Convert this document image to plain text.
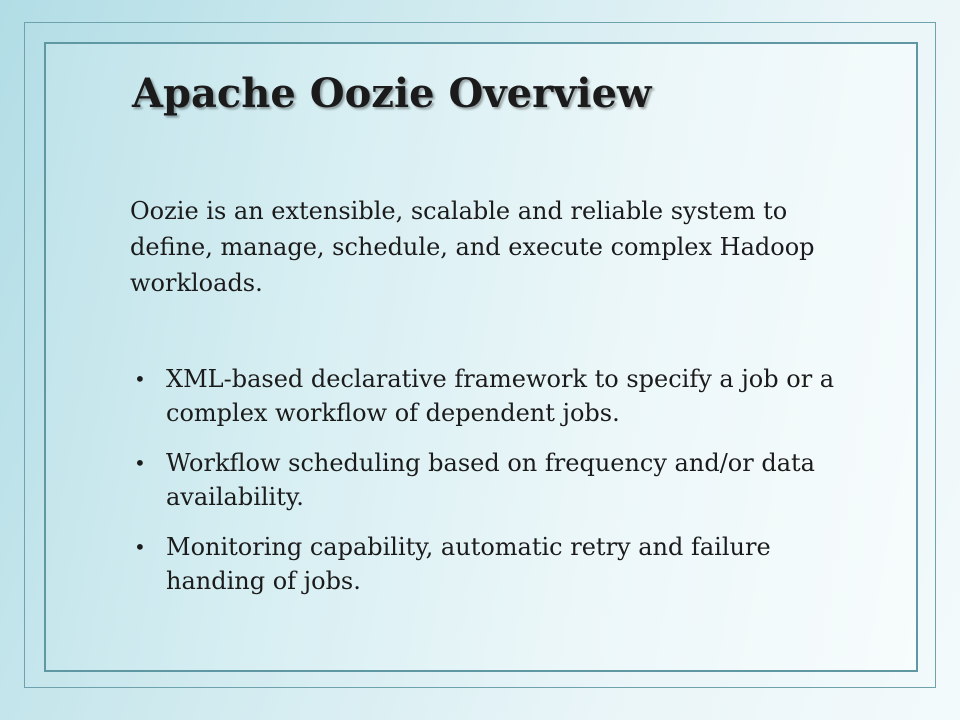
Apache Oozie Overview

Oozie is an extensible, scalable and reliable system to define, manage, schedule, and execute complex Hadoop workloads.

• XML-based declarative framework to specify a job or a complex workflow of dependent jobs.
• Workflow scheduling based on frequency and/or data availability.
• Monitoring capability, automatic retry and failure handing of jobs.
